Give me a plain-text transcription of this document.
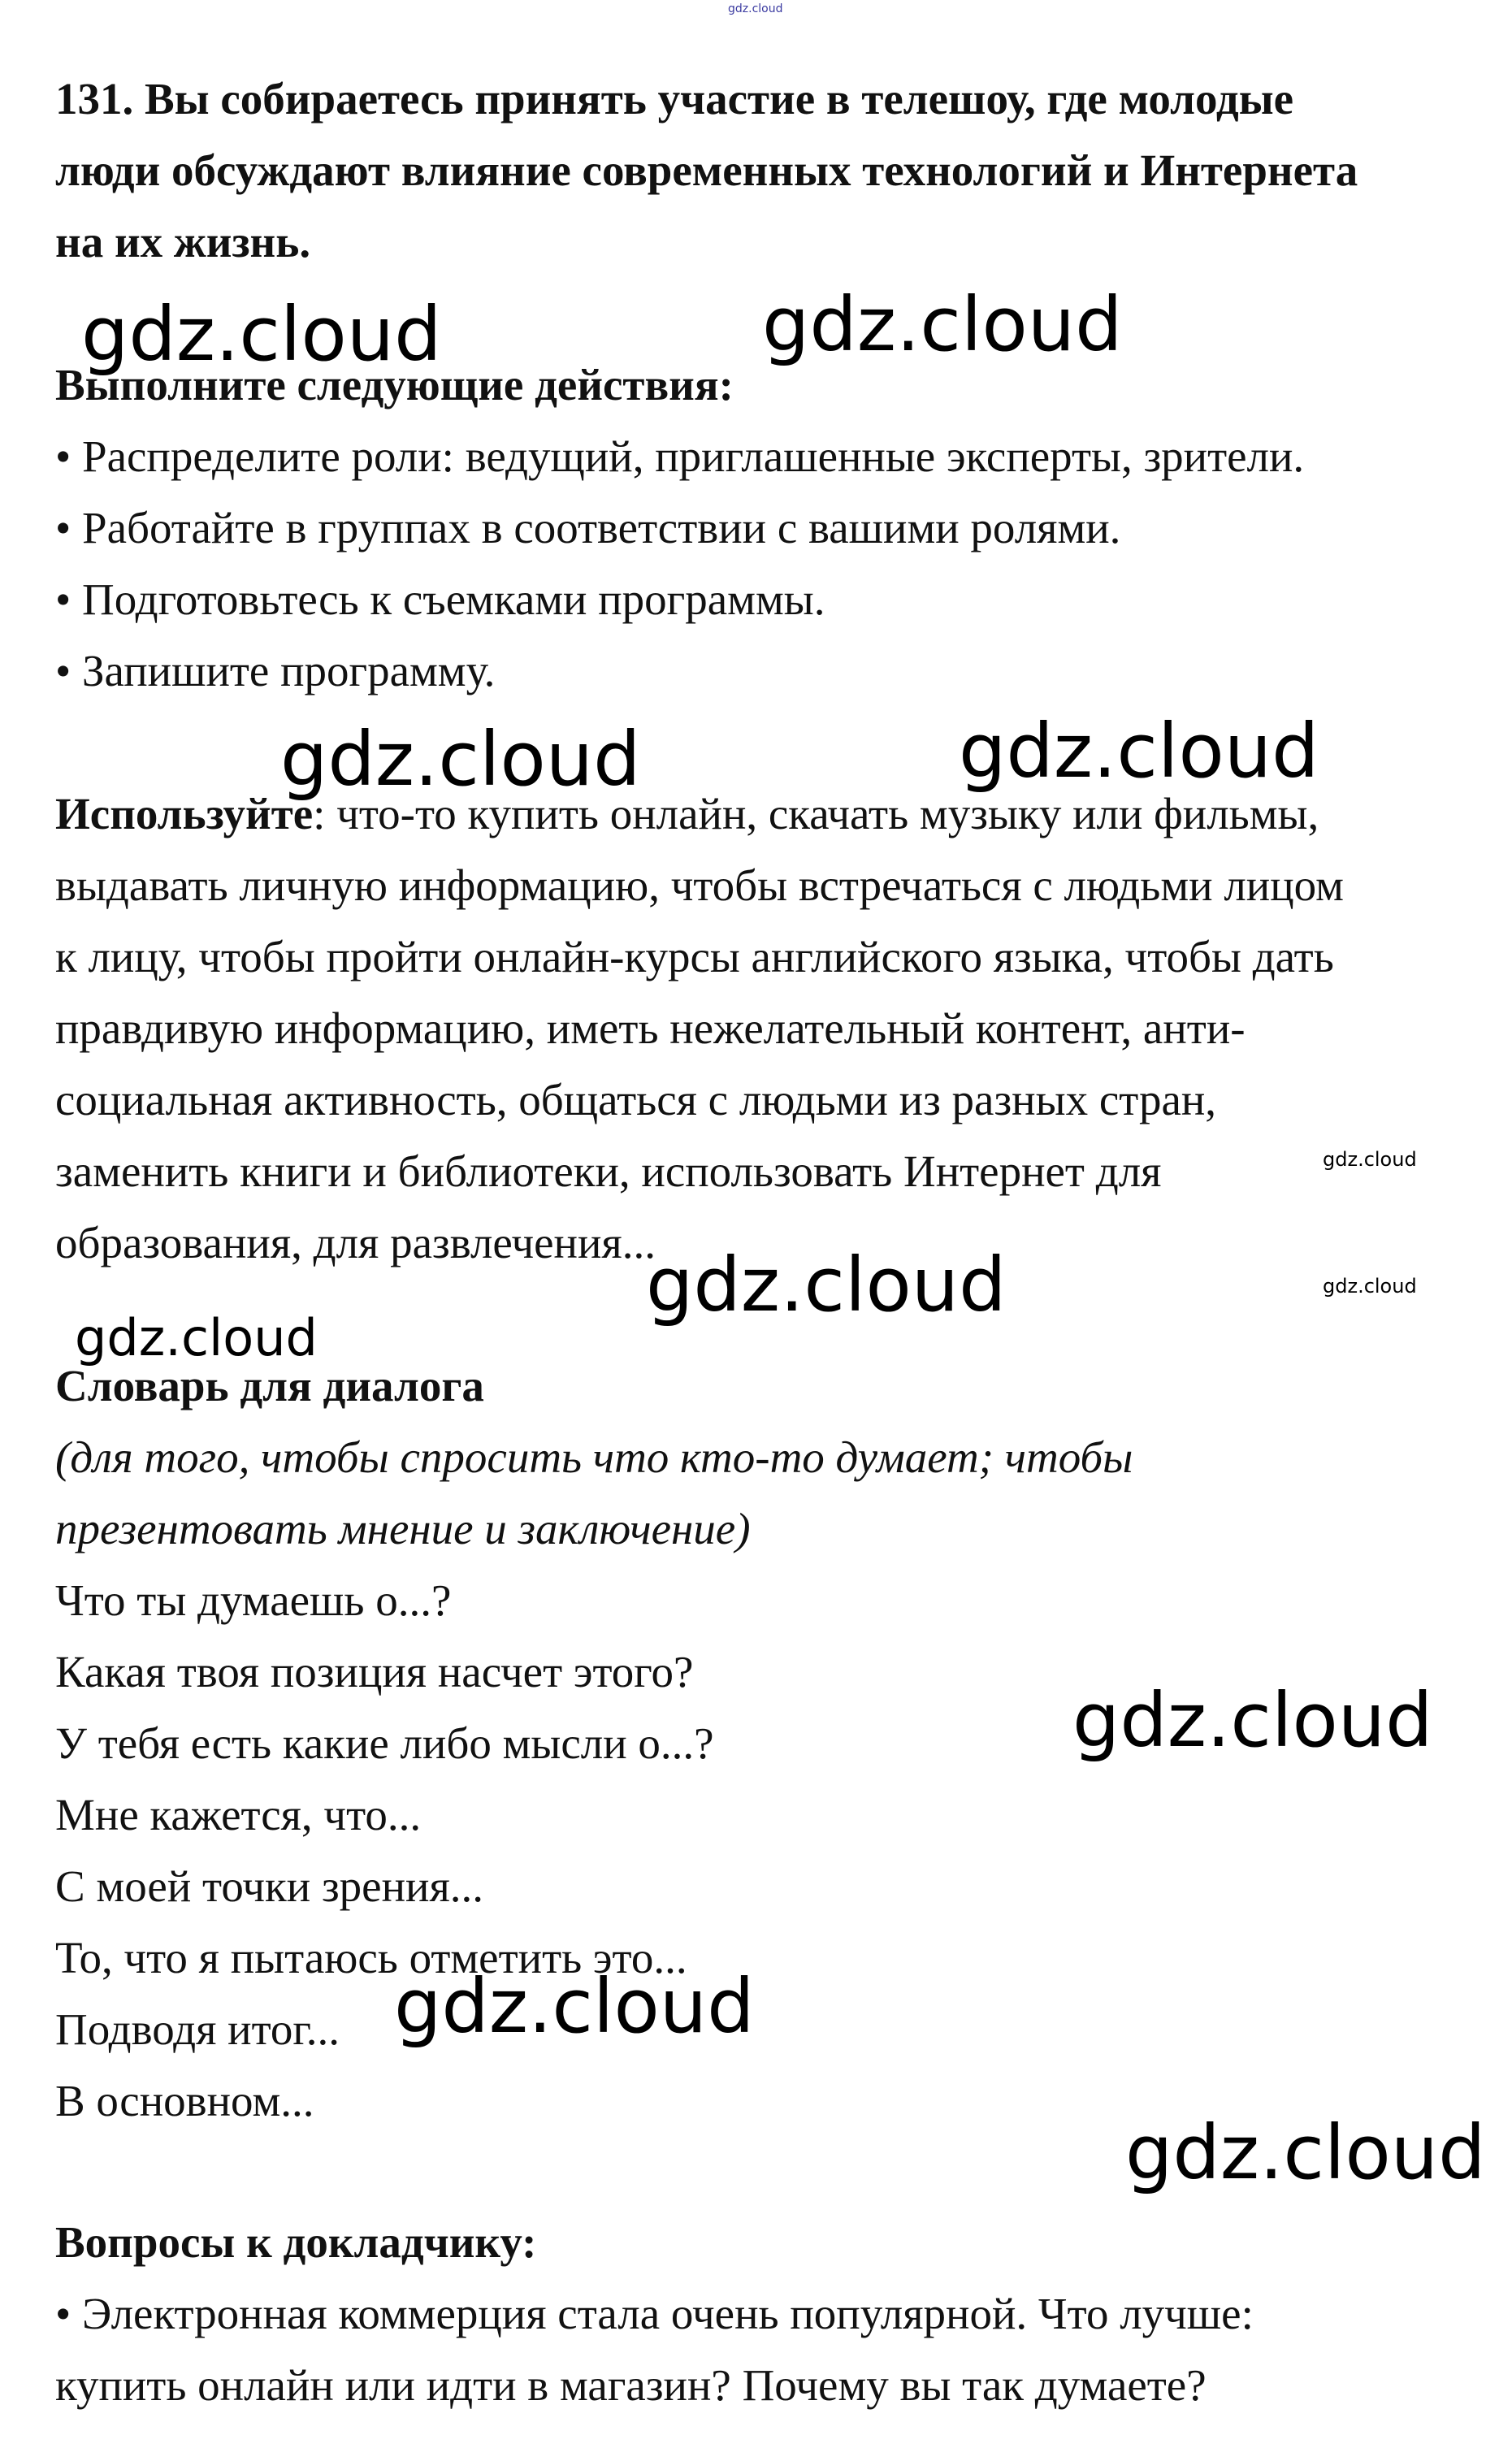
gdz.cloud
131. Вы собираетесь принять участие в телешоу, где молодые
люди обсуждают влияние современных технологий и Интернета
на их жизнь.
gdz.cloud	gdz.cloud
Выполните следующие действия:
• Распределите роли: ведущий, приглашенные эксперты, зрители.
• Работайте в группах в соответствии с вашими ролями.
• Подготовьтесь к съемками программы.
• Запишите программу.
gdz.cloud	gdz.cloud
Используйте: что-то купить онлайн, скачать музыку или фильмы,
выдавать личную информацию, чтобы встречаться с людьми лицом
к лицу, чтобы пройти онлайн-курсы английского языка, чтобы дать
правдивую информацию, иметь нежелательный контент, анти-
социальная активность, общаться с людьми из разных стран,
заменить книги и библиотеки, использовать Интернет для
образования, для развлечения...
gdz.cloud
gdz.cloud
gdz.cloud
gdz.cloud
Словарь для диалога
(для того, чтобы спросить что кто-то думает; чтобы
презентовать мнение и заключение)
Что ты думаешь о...?
Какая твоя позиция насчет этого?
У тебя есть какие либо мысли о...?
Мне кажется, что...
С моей точки зрения...
То, что я пытаюсь отметить это...
Подводя итог...
В основном...
gdz.cloud
gdz.cloud
gdz.cloud
Вопросы к докладчику:
• Электронная коммерция стала очень популярной. Что лучше:
купить онлайн или идти в магазин? Почему вы так думаете?
